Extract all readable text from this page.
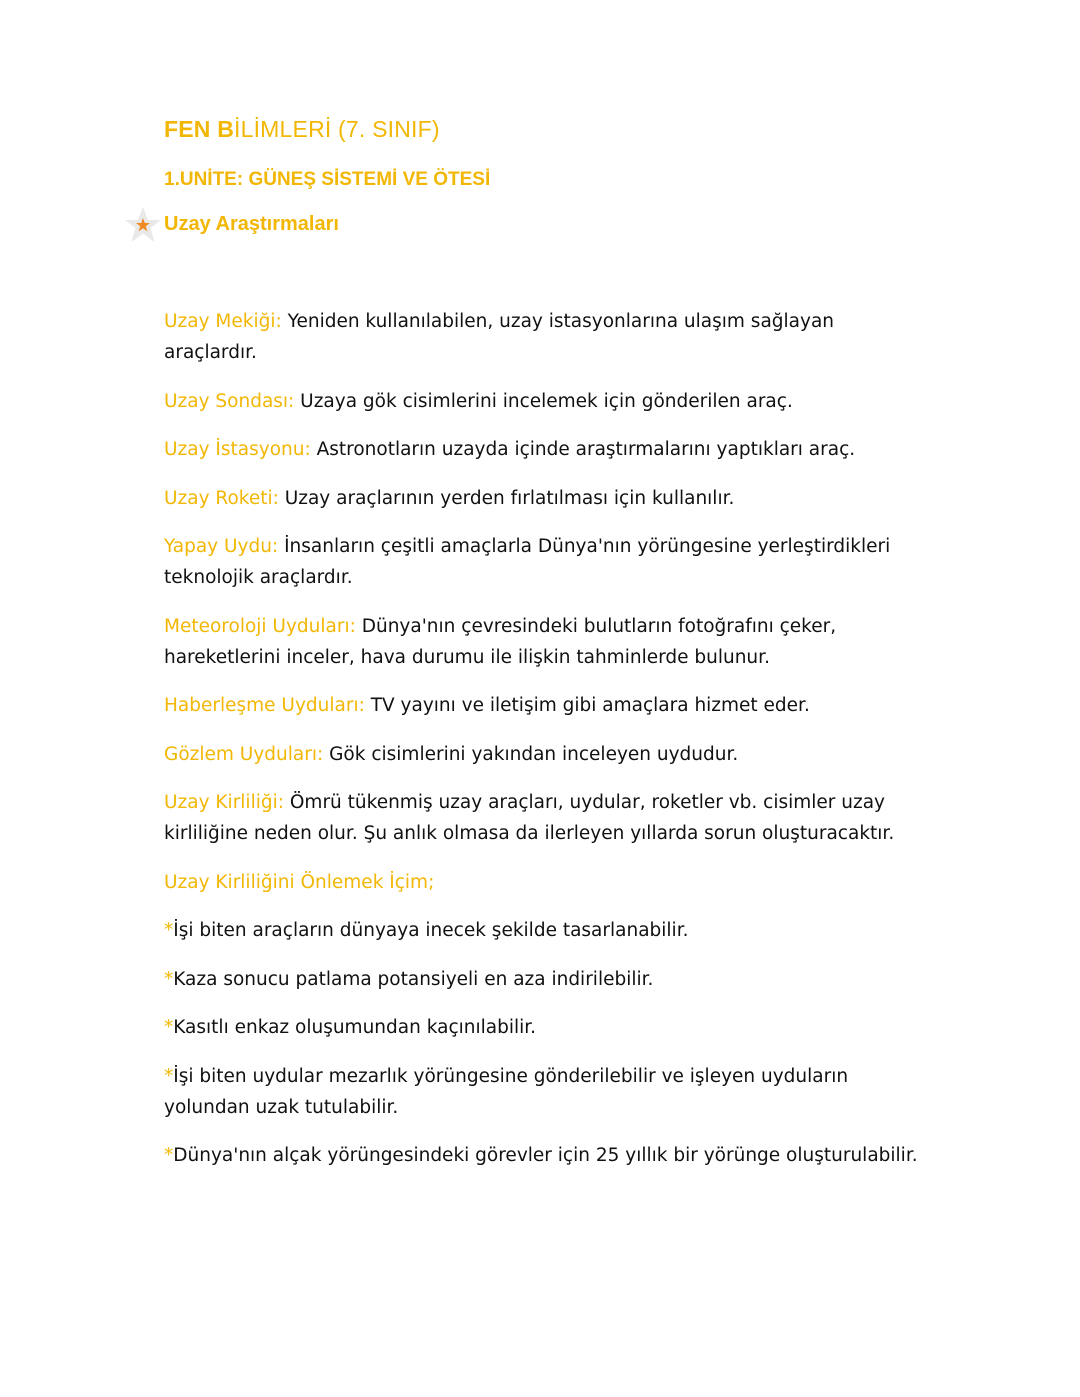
FEN BİLİMLERİ (7. SINIF)
1.UNİTE: GÜNEŞ SİSTEMİ VE ÖTESİ
Uzay Araştırmaları

Uzay Mekiği: Yeniden kullanılabilen, uzay istasyonlarına ulaşım sağlayan araçlardır.

Uzay Sondası: Uzaya gök cisimlerini incelemek için gönderilen araç.

Uzay İstasyonu: Astronotların uzayda içinde araştırmalarını yaptıkları araç.

Uzay Roketi: Uzay araçlarının yerden fırlatılması için kullanılır.

Yapay Uydu: İnsanların çeşitli amaçlarla Dünya'nın yörüngesine yerleştirdikleri teknolojik araçlardır.

Meteoroloji Uyduları: Dünya'nın çevresindeki bulutların fotoğrafını çeker, hareketlerini inceler, hava durumu ile ilişkin tahminlerde bulunur.

Haberleşme Uyduları: TV yayını ve iletişim gibi amaçlara hizmet eder.

Gözlem Uyduları: Gök cisimlerini yakından inceleyen uydudur.

Uzay Kirliliği: Ömrü tükenmiş uzay araçları, uydular, roketler vb. cisimler uzay kirliliğine neden olur. Şu anlık olmasa da ilerleyen yıllarda sorun oluşturacaktır.

Uzay Kirliliğini Önlemek İçim;

*İşi biten araçların dünyaya inecek şekilde tasarlanabilir.

*Kaza sonucu patlama potansiyeli en aza indirilebilir.

*Kasıtlı enkaz oluşumundan kaçınılabilir.

*İşi biten uydular mezarlık yörüngesine gönderilebilir ve işleyen uyduların yolundan uzak tutulabilir.

*Dünya'nın alçak yörüngesindeki görevler için 25 yıllık bir yörünge oluşturulabilir.
